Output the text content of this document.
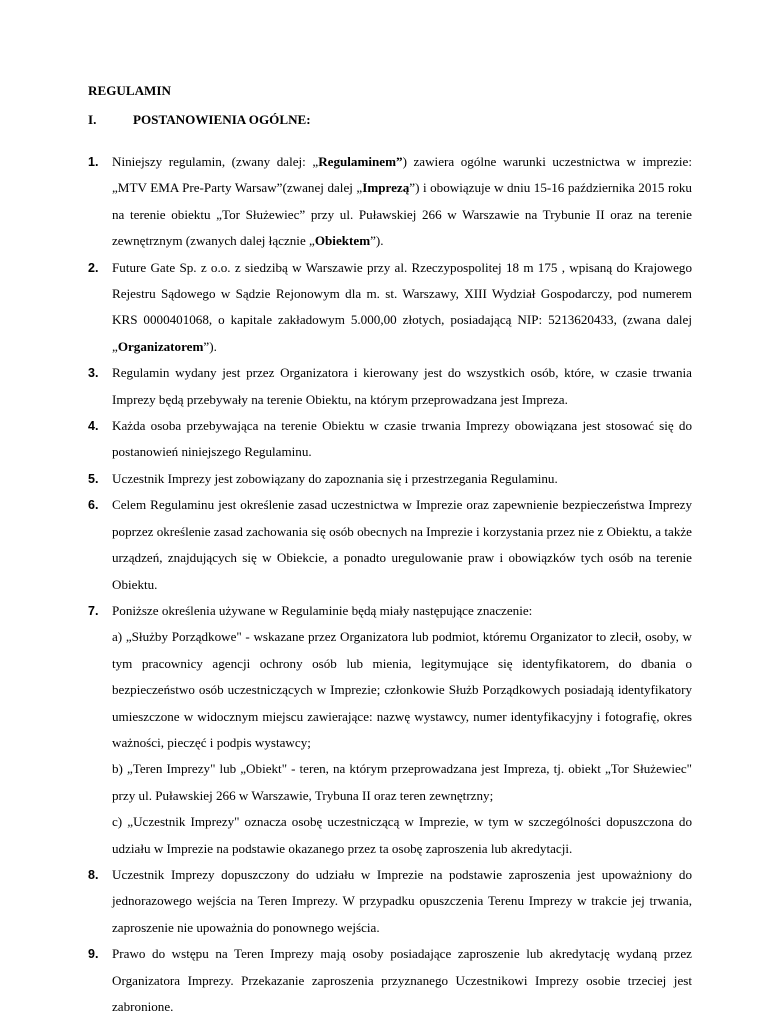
REGULAMIN
I.	POSTANOWIENIA OGÓLNE:
1. Niniejszy regulamin, (zwany dalej: „Regulaminem”) zawiera ogólne warunki uczestnictwa w imprezie: „MTV EMA Pre-Party Warsaw”(zwanej dalej „Imprezą”) i obowiązuje w dniu 15-16 października 2015 roku na terenie obiektu „Tor Służewiec” przy ul. Puławskiej 266 w Warszawie na Trybunie II oraz na terenie zewnętrznym (zwanych dalej łącznie „Obiektem”).
2. Future Gate Sp. z o.o. z siedzibą w Warszawie przy al. Rzeczypospolitej 18 m 175 , wpisaną do Krajowego Rejestru Sądowego w Sądzie Rejonowym dla m. st. Warszawy, XIII Wydział Gospodarczy, pod numerem KRS 0000401068, o kapitale zakładowym 5.000,00 złotych, posiadającą NIP: 5213620433, (zwana dalej „Organizatorem”).
3. Regulamin wydany jest przez Organizatora i kierowany jest do wszystkich osób, które, w czasie trwania Imprezy będą przebywały na terenie Obiektu, na którym przeprowadzana jest Impreza.
4. Każda osoba przebywająca na terenie Obiektu w czasie trwania Imprezy obowiązana jest stosować się do postanowień niniejszego Regulaminu.
5. Uczestnik Imprezy jest zobowiązany do zapoznania się i przestrzegania Regulaminu.
6. Celem Regulaminu jest określenie zasad uczestnictwa w Imprezie oraz zapewnienie bezpieczeństwa Imprezy poprzez określenie zasad zachowania się osób obecnych na Imprezie i korzystania przez nie z Obiektu, a także urządzeń, znajdujących się w Obiekcie, a ponadto uregulowanie praw i obowiązków tych osób na terenie Obiektu.
7. Poniższe określenia używane w Regulaminie będą miały następujące znaczenie:
a) „Służby Porządkowe" - wskazane przez Organizatora lub podmiot, któremu Organizator to zlecił, osoby, w tym pracownicy agencji ochrony osób lub mienia, legitymujące się identyfikatorem, do dbania o bezpieczeństwo osób uczestniczących w Imprezie; członkowie Służb Porządkowych posiadają identyfikatory umieszczone w widocznym miejscu zawierające: nazwę wystawcy, numer identyfikacyjny i fotografię, okres ważności, pieczęć i podpis wystawcy;
b) „Teren Imprezy" lub „Obiekt" - teren, na którym przeprowadzana jest Impreza, tj. obiekt „Tor Służewiec" przy ul. Puławskiej 266 w Warszawie, Trybuna II oraz teren zewnętrzny;
c) „Uczestnik Imprezy" oznacza osobę uczestniczącą w Imprezie, w tym w szczególności dopuszczona do udziału w Imprezie na podstawie okazanego przez ta osobę zaproszenia lub akredytacji.
8. Uczestnik Imprezy dopuszczony do udziału w Imprezie na podstawie zaproszenia jest upoważniony do jednorazowego wejścia na Teren Imprezy. W przypadku opuszczenia Terenu Imprezy w trakcie jej trwania, zaproszenie nie upoważnia do ponownego wejścia.
9. Prawo do wstępu na Teren Imprezy mają osoby posiadające zaproszenie lub akredytację wydaną przez Organizatora Imprezy. Przekazanie zaproszenia przyznanego Uczestnikowi Imprezy osobie trzeciej jest zabronione.
